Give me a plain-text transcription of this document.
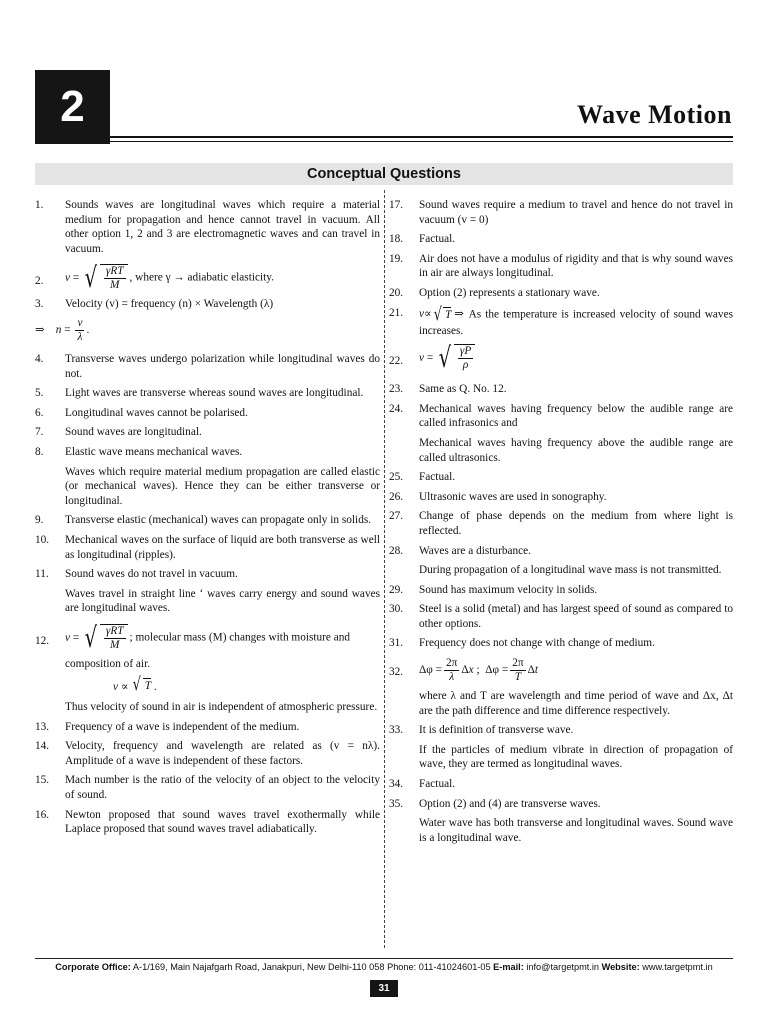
2	Wave Motion
Conceptual Questions
1. Sounds waves are longitudinal waves which require a material medium for propagation and hence cannot travel in vacuum. All other option 1, 2 and 3 are electromagnetic waves and can travel in vacuum.
2. v = √ $\frac{\text{γRT}}{M}$ , where γ → adiabatic elasticity.
3. Velocity (v) = frequency (n) × Wavelength (λ)
⇒    $n = \frac{v}{\lambda}$ .
4. Transverse waves undergo polarization while longitudinal waves do not.
5. Light waves are transverse whereas sound waves are longitudinal.
6. Longitudinal waves cannot be polarised.
7. Sound waves are longitudinal.
8. Elastic wave means mechanical waves.
Waves which require material medium propagation are called elastic (or mechanical waves). Hence they can be either transverse or longitudinal.
9. Transverse elastic (mechanical) waves can propagate only in solids.
10. Mechanical waves on the surface of liquid are both transverse as well as longitudinal (ripples).
11. Sound waves do not travel in vacuum.
Waves travel in straight line ‘ waves carry energy and sound waves are longitudinal waves.
12. v = √ $\frac{\text{γRT}}{M}$ ; molecular mass (M) changes with moisture and
composition of air.
v ∝ √ T .
Thus velocity of sound in air is independent of atmospheric pressure.
13. Frequency of a wave is independent of the medium.
14. Velocity, frequency and wavelength are related as (v = nλ). Amplitude of a wave is independent of these factors.
15. Mach number is the ratio of the velocity of an object to the velocity of sound.
16. Newton proposed that sound waves travel exothermally while Laplace proposed that sound waves travel adiabatically.
17. Sound waves require a medium to travel and hence do not travel in vacuum (v = 0)
18. Factual.
19. Air does not have a modulus of rigidity and that is why sound waves in air are always longitudinal.
20. Option (2) represents a stationary wave.
21. v ∝ √ T ⇒ As the temperature is increased velocity of sound waves increases.
22. v = √ $\frac{\gamma P}{\rho}$
23. Same as Q. No. 12.
24. Mechanical waves having frequency below the audible range are called infrasonics and
Mechanical waves having frequency above the audible range are called ultrasonics.
25. Factual.
26. Ultrasonic waves are used in sonography.
27. Change of phase depends on the medium from where light is reflected.
28. Waves are a disturbance.
During propagation of a longitudinal wave mass is not transmitted.
29. Sound has maximum velocity in solids.
30. Steel is a solid (metal) and has largest speed of sound as compared to other options.
31. Frequency does not change with change of medium.
32. $\Delta\varphi = \frac{2\pi}{\lambda}$ Δ x ;  $\Delta\varphi = \frac{2\pi}{T}$ Δ t
where λ and T are wavelength and time period of wave and Δx, Δt are the path difference and time difference respectively.
33. It is definition of transverse wave.
If the particles of medium vibrate in direction of propagation of wave, they are termed as longitudinal waves.
34. Factual.
35. Option (2) and (4) are transverse waves.
Water wave has both transverse and longitudinal waves. Sound wave is a longitudinal wave.
Corporate Office: A-1/169, Main Najafgarh Road, Janakpuri, New Delhi-110 058 Phone: 011-41024601-05 E-mail: info@targetpmt.in Website: www.targetpmt.in
31
